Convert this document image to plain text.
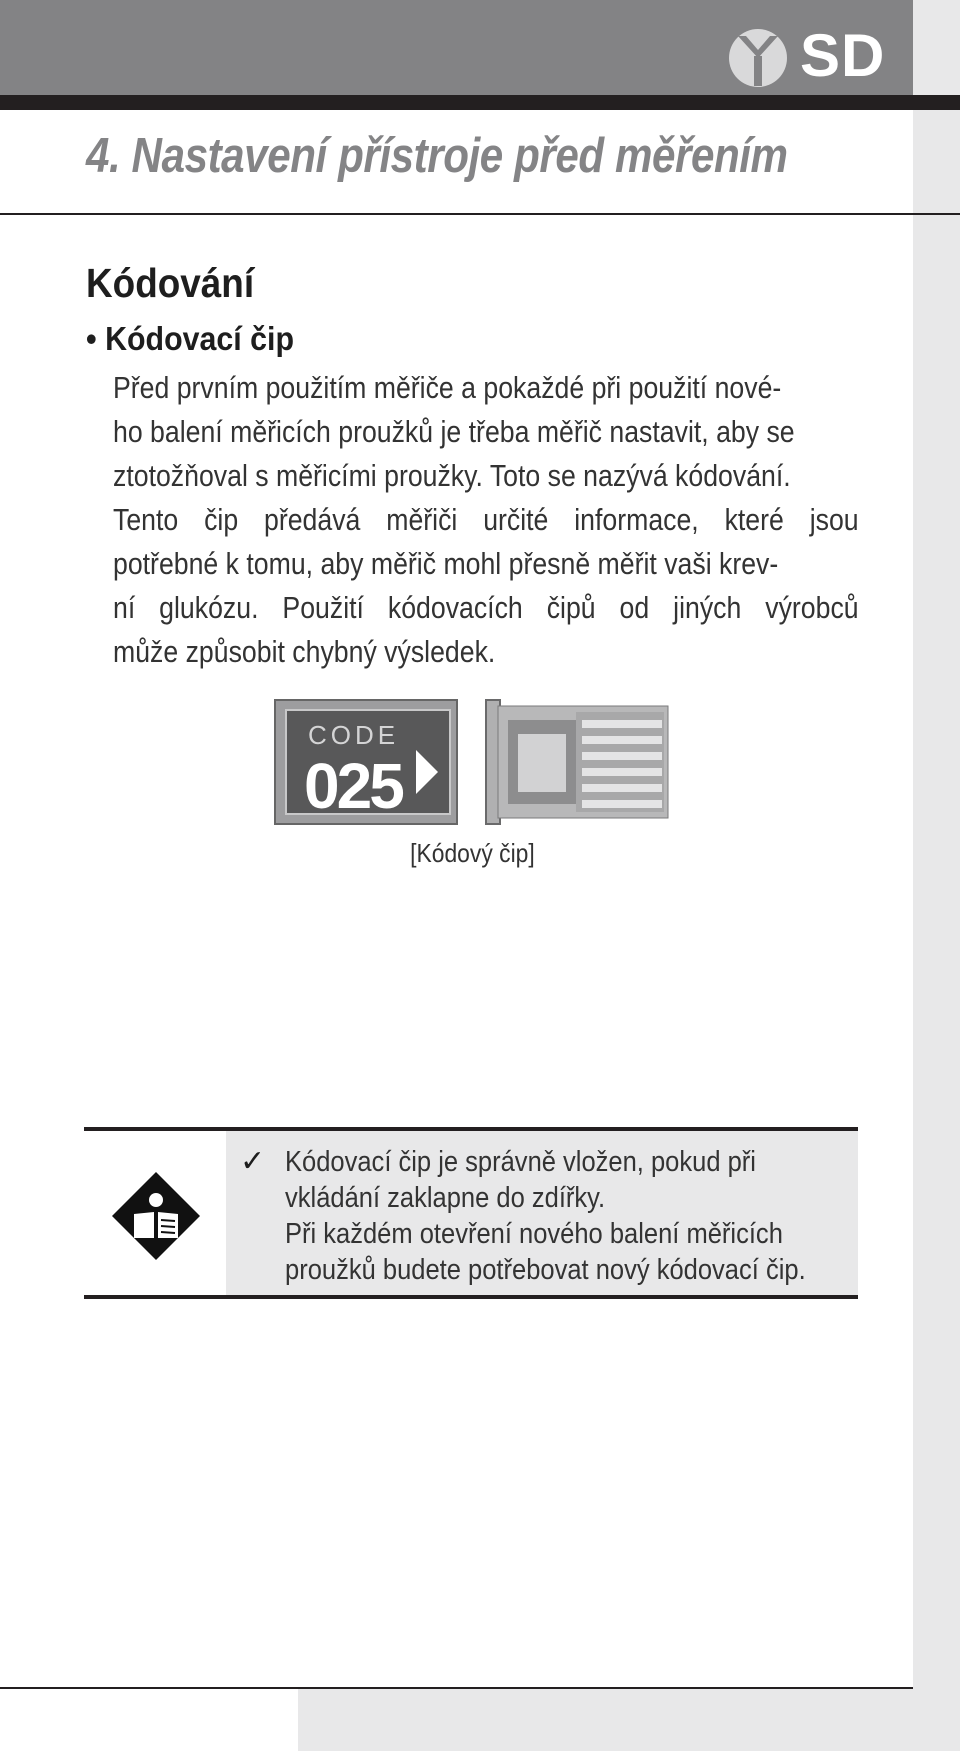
SD
4. Nastavení přístroje před měřením
Kódování
• Kódovací čip
Před prvním použitím měřiče a pokaždé při použití nové-
ho balení měřicích proužků je třeba měřič nastavit, aby se
ztotožňoval s měřicími proužky. Toto se nazývá kódování.
Tento čip předává měřiči určité informace, které jsou
potřebné k tomu, aby měřič mohl přesně měřit vaši krev-
ní glukózu. Použití kódovacích čipů od jiných výrobců
může způsobit chybný výsledek.
CODE
025
[Kódový čip]
✓ Kódovací čip je správně vložen, pokud při
vkládání zaklapne do zdířky.
Při každém otevření nového balení měřicích
proužků budete potřebovat nový kódovací čip.
